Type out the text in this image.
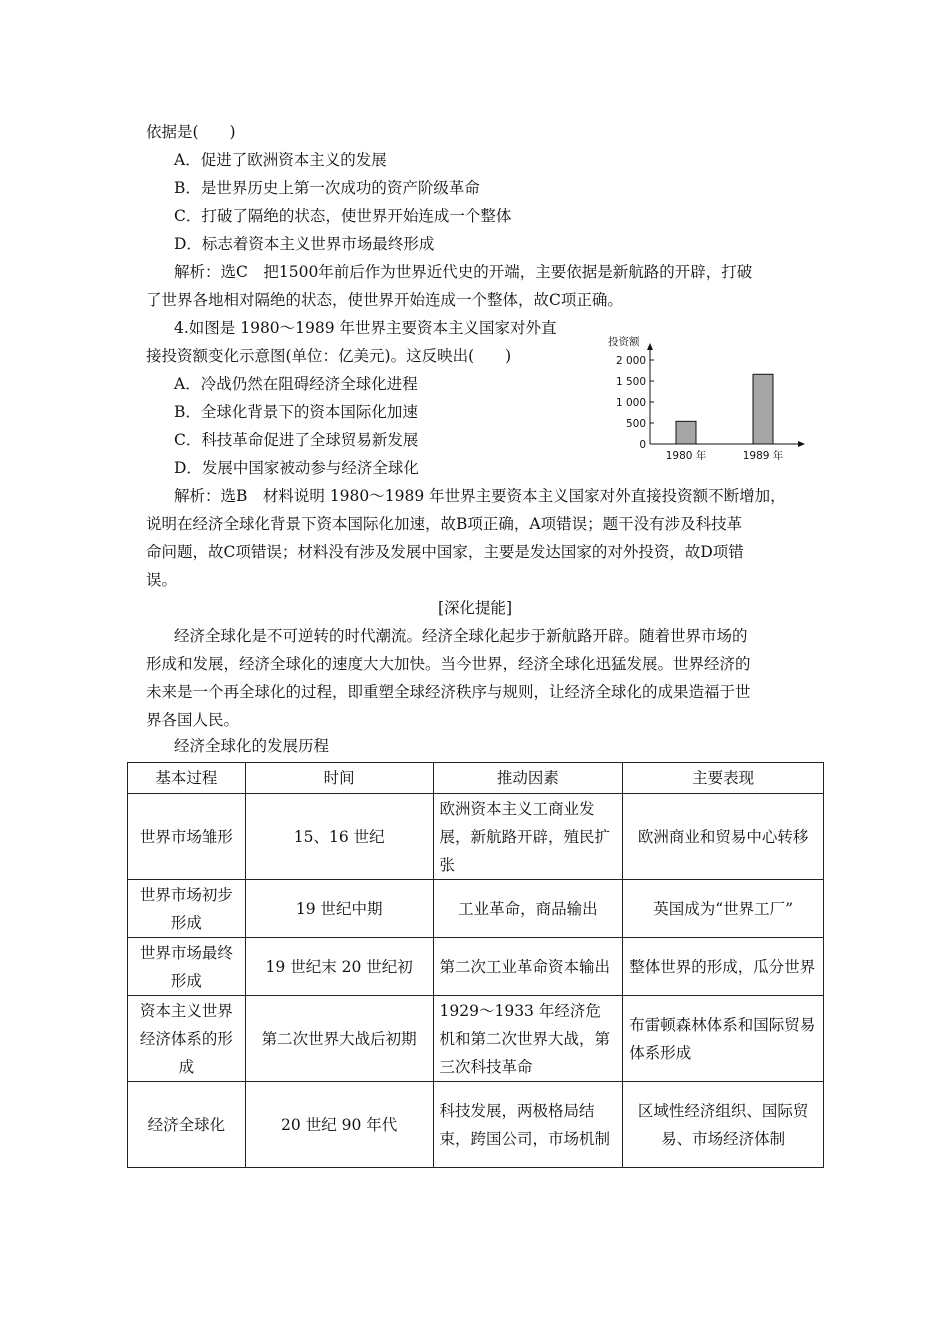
依据是(　　)
A．促进了欧洲资本主义的发展
B．是世界历史上第一次成功的资产阶级革命
C．打破了隔绝的状态，使世界开始连成一个整体
D．标志着资本主义世界市场最终形成
解析：选C　把1500年前后作为世界近代史的开端，主要依据是新航路的开辟，打破
了世界各地相对隔绝的状态，使世界开始连成一个整体，故C项正确。
4.如图是 1980～1989 年世界主要资本主义国家对外直
接投资额变化示意图(单位：亿美元)。这反映出(　　)
A．冷战仍然在阻碍经济全球化进程
B．全球化背景下的资本国际化加速
C．科技革命促进了全球贸易新发展
D．发展中国家被动参与经济全球化
投资额
0
500
1 000
1 500
2 000
1980 年	1989 年
解析：选B　材料说明 1980～1989 年世界主要资本主义国家对外直接投资额不断增加，
说明在经济全球化背景下资本国际化加速，故B项正确，A项错误；题干没有涉及科技革
命问题，故C项错误；材料没有涉及发展中国家，主要是发达国家的对外投资，故D项错
误。
[深化提能]
经济全球化是不可逆转的时代潮流。经济全球化起步于新航路开辟。随着世界市场的
形成和发展，经济全球化的速度大大加快。当今世界，经济全球化迅猛发展。世界经济的
未来是一个再全球化的过程，即重塑全球经济秩序与规则，让经济全球化的成果造福于世
界各国人民。
经济全球化的发展历程
基本过程	时间	推动因素	主要表现
世界市场雏形	15、16 世纪	欧洲资本主义工商业发展，新航路开辟，殖民扩张	欧洲商业和贸易中心转移
世界市场初步形成	19 世纪中期	工业革命，商品输出	英国成为“世界工厂”
世界市场最终形成	19 世纪末 20 世纪初	第二次工业革命资本输出	整体世界的形成，瓜分世界
资本主义世界经济体系的形成	第二次世界大战后初期	1929～1933 年经济危机和第二次世界大战，第三次科技革命	布雷顿森林体系和国际贸易体系形成
经济全球化	20 世纪 90 年代	科技发展，两极格局结束，跨国公司，市场机制	区域性经济组织、国际贸易、市场经济体制
